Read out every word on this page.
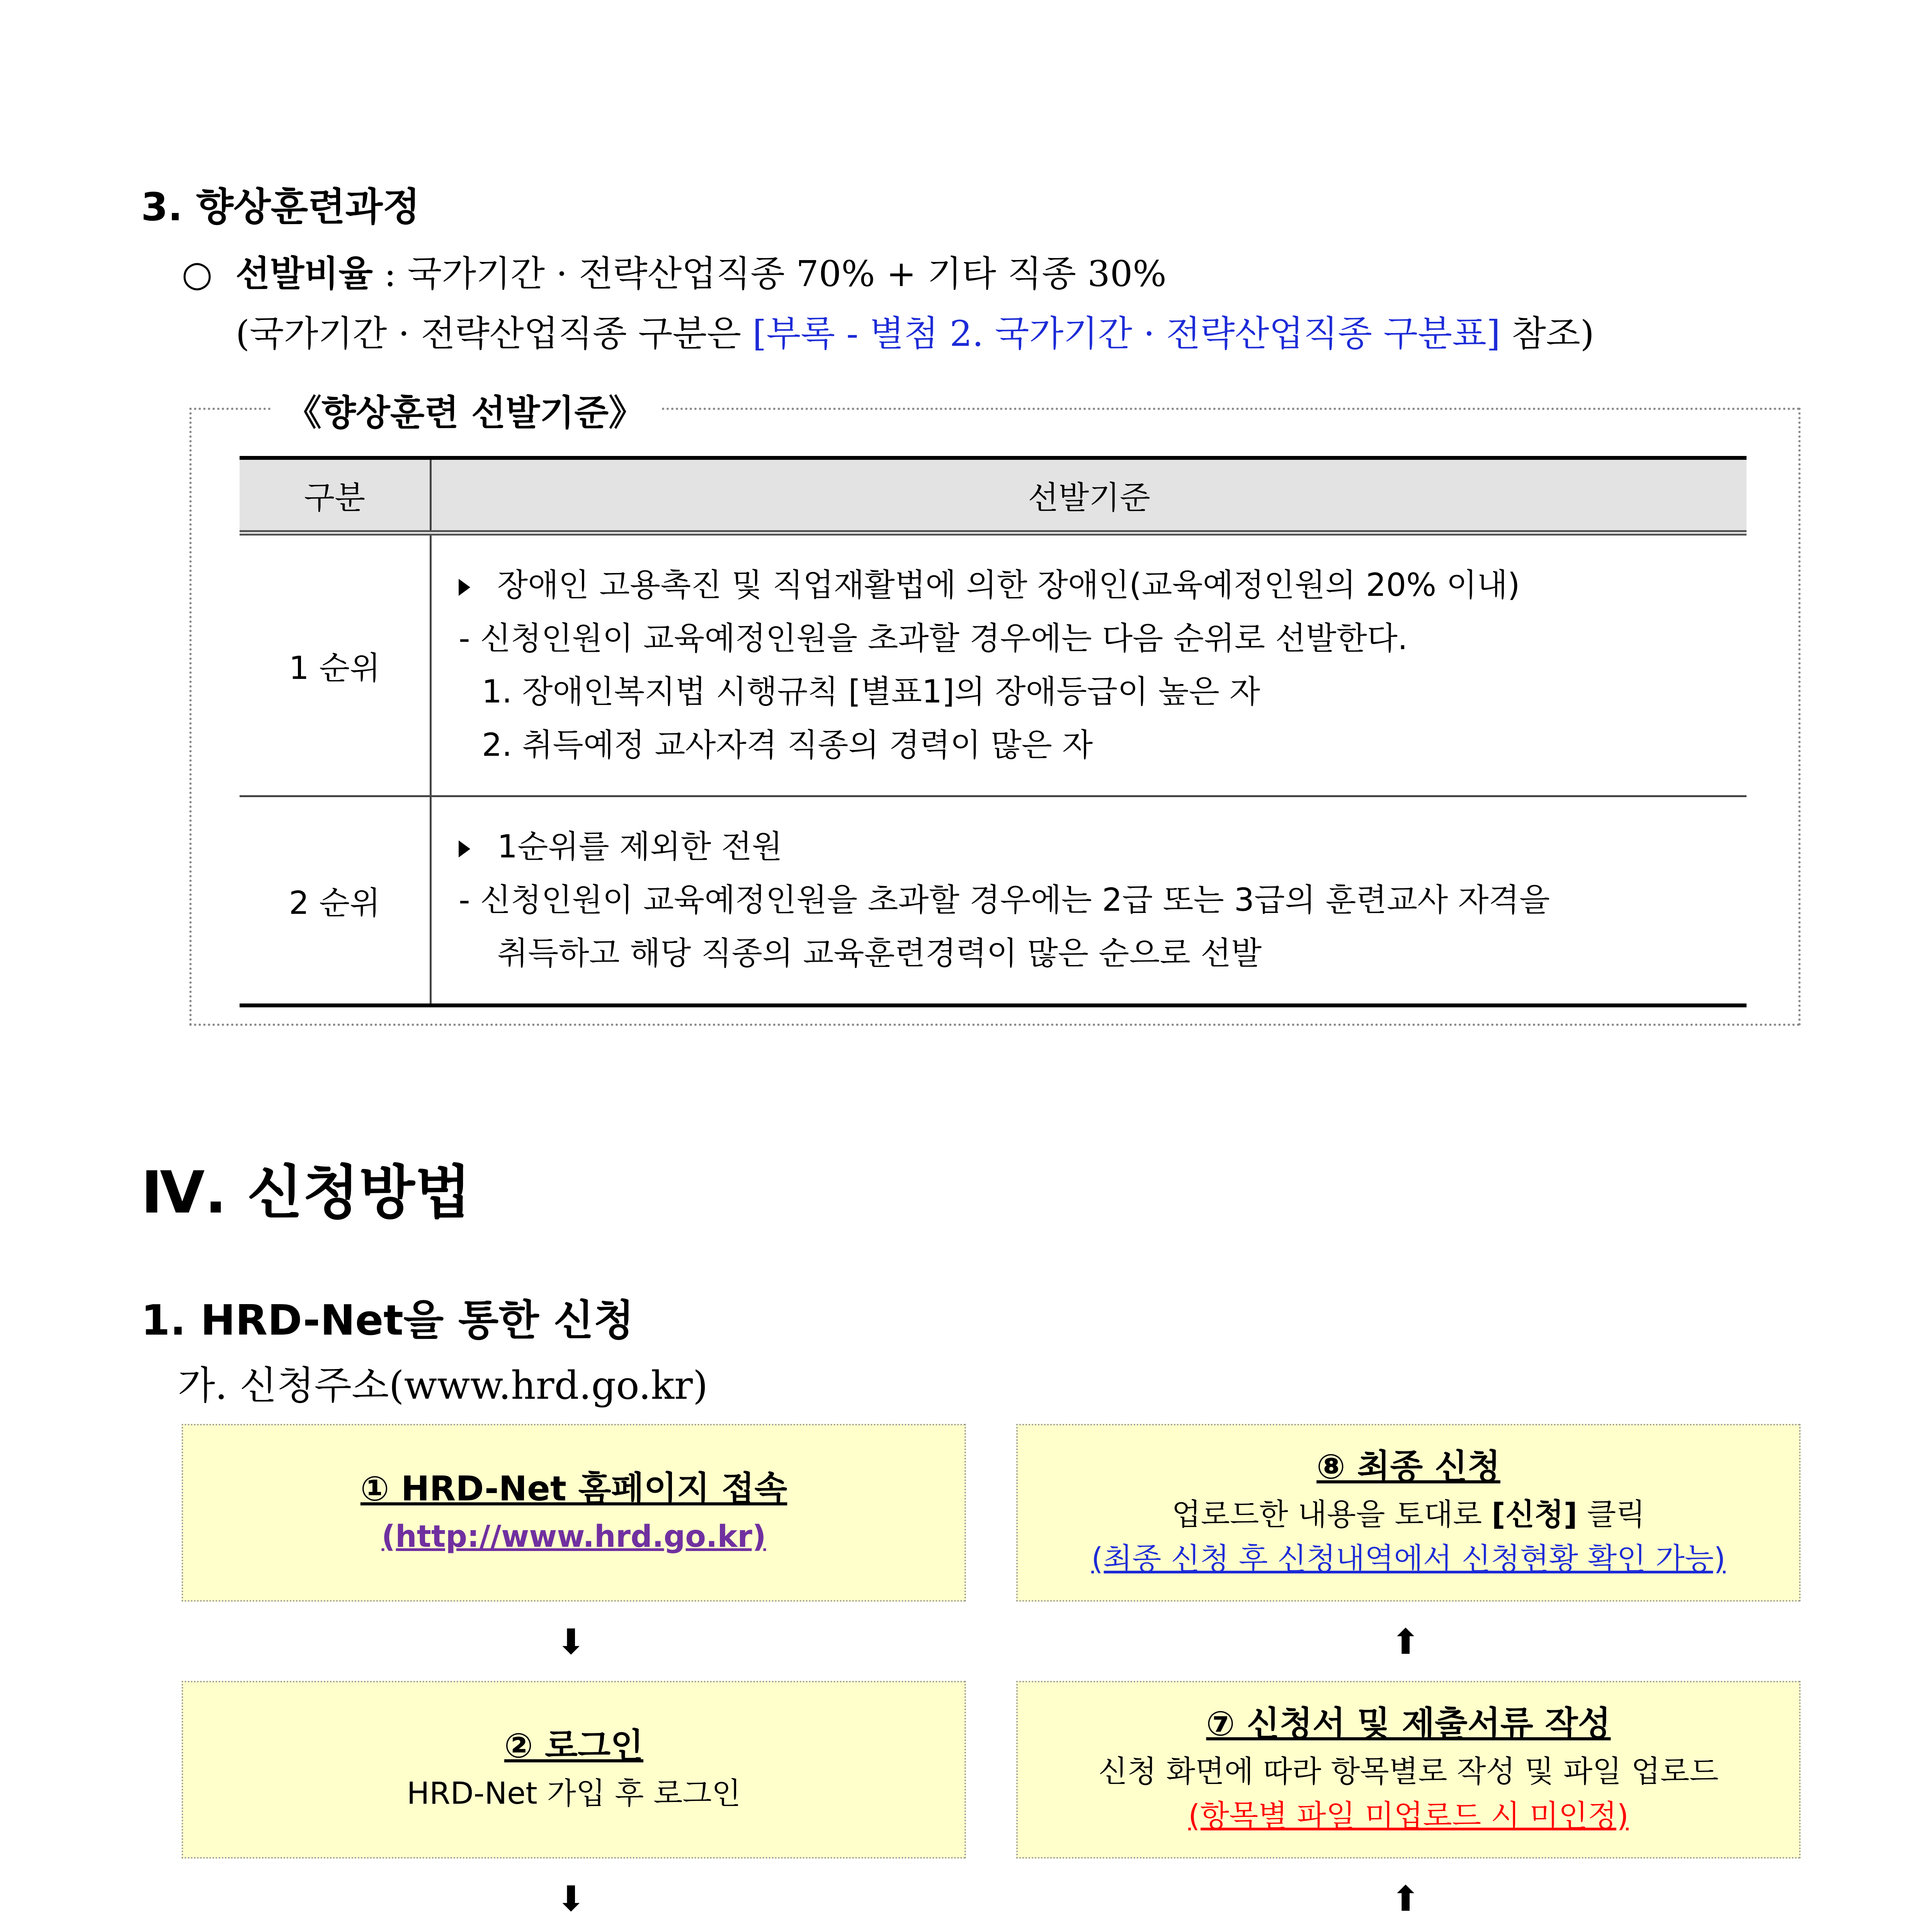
3. 향상훈련과정
○ 선발비율 : 국가기간 · 전략산업직종 70% + 기타 직종 30%
(국가기간 · 전략산업직종 구분은 [부록 - 별첨 2. 국가기간 · 전략산업직종 구분표] 참조)
《향상훈련 선발기준》
구분	선발기준
1 순위	장애인 고용촉진 및 직업재활법에 의한 장애인(교육예정인원의 20% 이내)
- 신청인원이 교육예정인원을 초과할 경우에는 다음 순위로 선발한다.
1. 장애인복지법 시행규칙 [별표1]의 장애등급이 높은 자
2. 취득예정 교사자격 직종의 경력이 많은 자

2 순위	1순위를 제외한 전원
- 신청인원이 교육예정인원을 초과할 경우에는 2급 또는 3급의 훈련교사 자격을
취득하고 해당 직종의 교육훈련경력이 많은 순으로 선발
Ⅳ. 신청방법
1. HRD-Net을 통한 신청
가. 신청주소(www.hrd.go.kr)
① HRD-Net 홈페이지 접속
(http://www.hrd.go.kr)
⬇
② 로그인
HRD-Net 가입 후 로그인
⬇
⑧ 최종 신청
업로드한 내용을 토대로 [신청] 클릭
(최종 신청 후 신청내역에서 신청현황 확인 가능)
⬆
⑦ 신청서 및 제출서류 작성
신청 화면에 따라 항목별로 작성 및 파일 업로드
(항목별 파일 미업로드 시 미인정)
⬆
